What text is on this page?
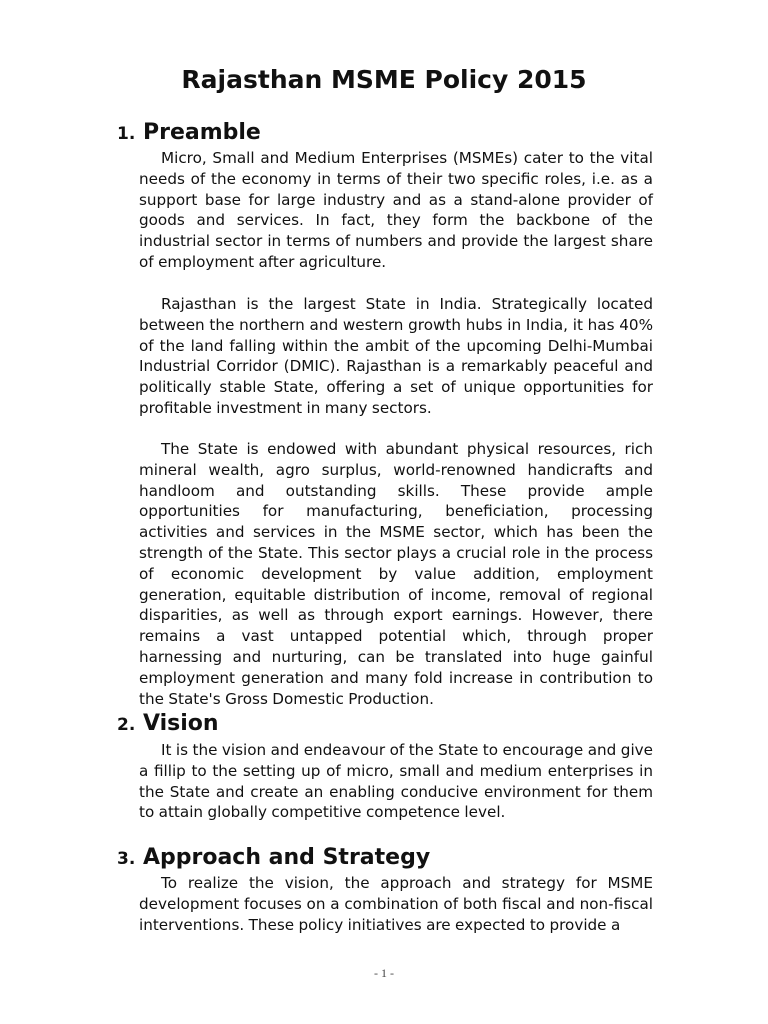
Rajasthan MSME Policy 2015
1. Preamble

Micro, Small and Medium Enterprises (MSMEs) cater to the vital needs of the economy in terms of their two specific roles, i.e. as a support base for large industry and as a stand-alone provider of goods and services. In fact, they form the backbone of the industrial sector in terms of numbers and provide the largest share of employment after agriculture.

Rajasthan is the largest State in India. Strategically located between the northern and western growth hubs in India, it has 40% of the land falling within the ambit of the upcoming Delhi-Mumbai Industrial Corridor (DMIC). Rajasthan is a remarkably peaceful and politically stable State, offering a set of unique opportunities for profitable investment in many sectors.

The State is endowed with abundant physical resources, rich mineral wealth, agro surplus, world-renowned handicrafts and handloom and outstanding skills. These provide ample opportunities for manufacturing, beneficiation, processing activities and services in the MSME sector, which has been the strength of the State. This sector plays a crucial role in the process of economic development by value addition, employment generation, equitable distribution of income, removal of regional disparities, as well as through export earnings. However, there remains a vast untapped potential which, through proper harnessing and nurturing, can be translated into huge gainful employment generation and many fold increase in contribution to the State's Gross Domestic Production.

2. Vision

It is the vision and endeavour of the State to encourage and give a fillip to the setting up of micro, small and medium enterprises in the State and create an enabling conducive environment for them to attain globally competitive competence level.

3. Approach and Strategy

To realize the vision, the approach and strategy for MSME development focuses on a combination of both fiscal and non-fiscal interventions. These policy initiatives are expected to provide a

- 1 -
